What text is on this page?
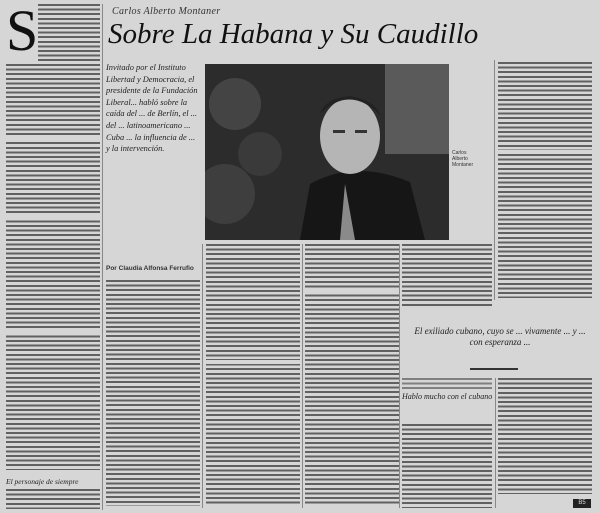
S
El personaje de siempre
Carlos Alberto Montaner
Sobre La Habana y Su Caudillo
Invitado por el Instituto Libertad y Democracia, el presidente de la Fundación Liberal... habló sobre la caída del ... de Berlín, el ... del ... latinoamericano ... Cuba ... la influencia de ... y la intervención.
Por Claudia Alfonsa Ferrufio
Carlos Alberto Montaner
El exiliado cubano, cuyo se ... vivamente ... y ... con esperanza ...
Hablo mucho con el cubano
B5
